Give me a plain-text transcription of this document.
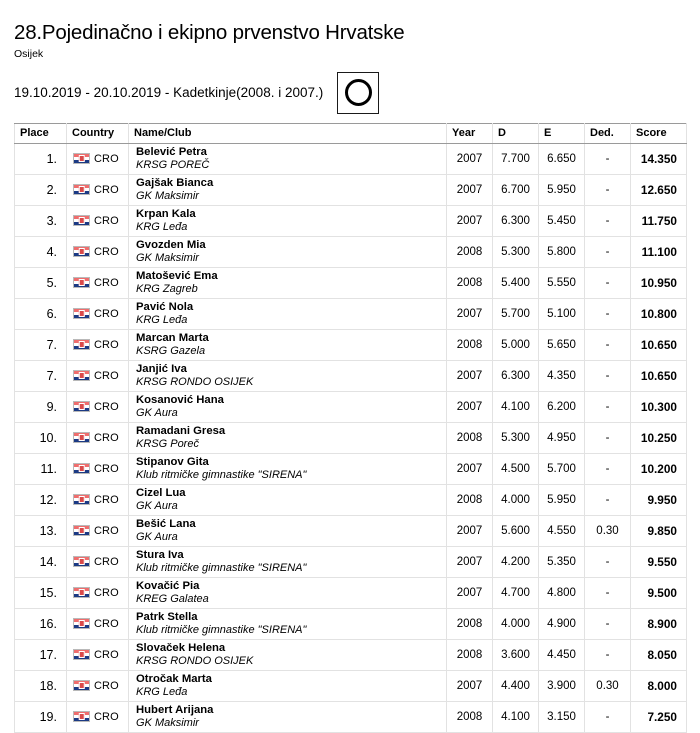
28.Pojedinačno i ekipno prvenstvo Hrvatske
Osijek
19.10.2019 - 20.10.2019 - Kadetkinje(2008. i 2007.)
Place	Country	Name/Club	Year	D	E	Ded.	Score
1.	CRO	Belević Petra
KRSG POREČ	2007	7.700	6.650	-	14.350
2.	CRO	Gajšak Bianca
GK Maksimir	2007	6.700	5.950	-	12.650
3.	CRO	Krpan Kala
KRG Leđa	2007	6.300	5.450	-	11.750
4.	CRO	Gvozden Mia
GK Maksimir	2008	5.300	5.800	-	11.100
5.	CRO	Matošević Ema
KRG Zagreb	2008	5.400	5.550	-	10.950
6.	CRO	Pavić Nola
KRG Leđa	2007	5.700	5.100	-	10.800
7.	CRO	Marcan Marta
KSRG Gazela	2008	5.000	5.650	-	10.650
7.	CRO	Janjić Iva
KRSG RONDO OSIJEK	2007	6.300	4.350	-	10.650
9.	CRO	Kosanović Hana
GK Aura	2007	4.100	6.200	-	10.300
10.	CRO	Ramadani Gresa
KRSG Poreč	2008	5.300	4.950	-	10.250
11.	CRO	Stipanov Gita
Klub ritmičke gimnastike "SIRENA"	2007	4.500	5.700	-	10.200
12.	CRO	Cizel Lua
GK Aura	2008	4.000	5.950	-	9.950
13.	CRO	Bešić Lana
GK Aura	2007	5.600	4.550	0.30	9.850
14.	CRO	Stura Iva
Klub ritmičke gimnastike "SIRENA"	2007	4.200	5.350	-	9.550
15.	CRO	Kovačić Pia
KREG Galatea	2007	4.700	4.800	-	9.500
16.	CRO	Patrk Stella
Klub ritmičke gimnastike "SIRENA"	2008	4.000	4.900	-	8.900
17.	CRO	Slovaček Helena
KRSG RONDO OSIJEK	2008	3.600	4.450	-	8.050
18.	CRO	Otročak Marta
KRG Leđa	2007	4.400	3.900	0.30	8.000
19.	CRO	Hubert Arijana
GK Maksimir	2008	4.100	3.150	-	7.250
